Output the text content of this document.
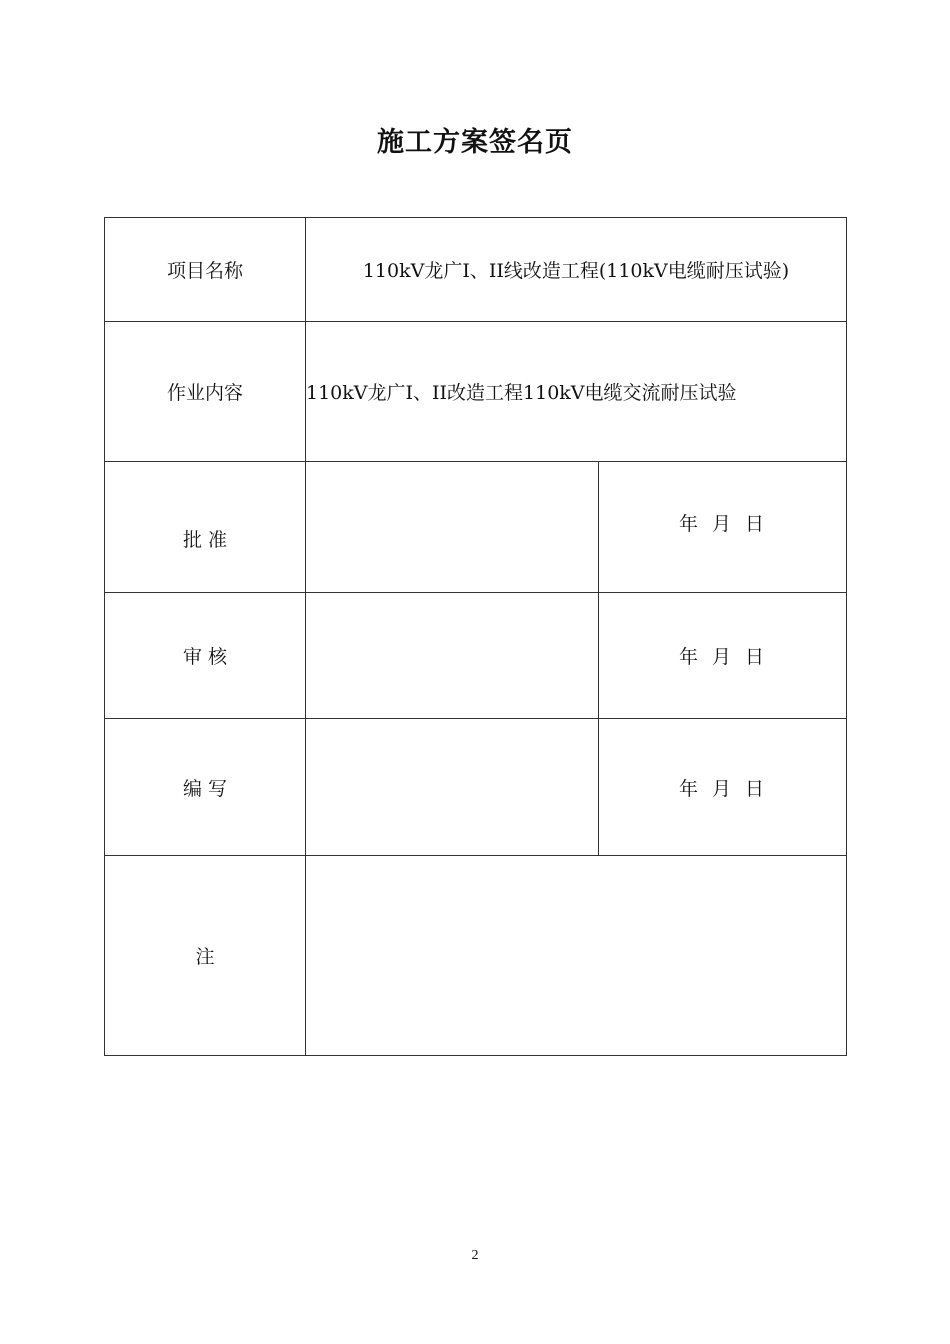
施工方案签名页
项目名称	110kV龙广I、II线改造工程(110kV电缆耐压试验)	
作业内容	110kV龙广I、II改造工程110kV电缆交流耐压试验	
批 准		年 月 日
审 核		年 月 日
编 写		年 月 日
注		
2
